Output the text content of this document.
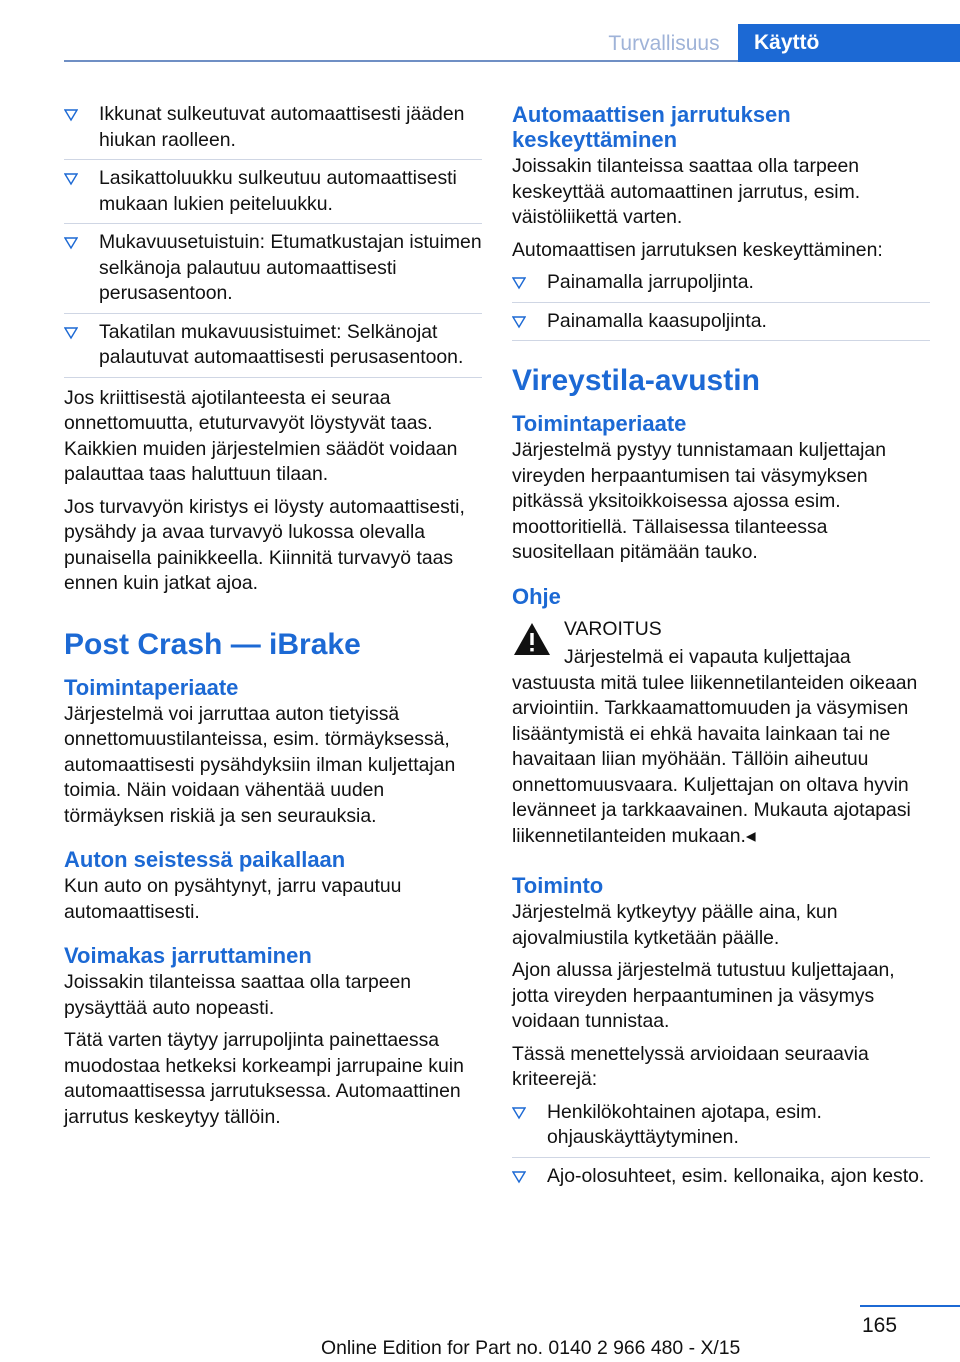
Turvallisuus	Käyttö
Ikkunat sulkeutuvat automaattisesti jääden hiukan raolleen.
Lasikattoluukku sulkeutuu automaattisesti mukaan lukien peiteluukku.
Mukavuusetuistuin: Etumatkustajan istuimen selkänoja palautuu automaattisesti perusasentoon.
Takatilan mukavuusistuimet: Selkänojat palautuvat automaattisesti perusasentoon.

Jos kriittisestä ajotilanteesta ei seuraa onnettomuutta, etuturvavyöt löystyvät taas. Kaikkien muiden järjestelmien säädöt voidaan palauttaa taas haluttuun tilaan.

Jos turvavyön kiristys ei löysty automaattisesti, pysähdy ja avaa turvavyö lukossa olevalla punaisella painikkeella. Kiinnitä turvavyö taas ennen kuin jatkat ajoa.

Post Crash — iBrake
Toimintaperiaate

Järjestelmä voi jarruttaa auton tietyissä onnettomuustilanteissa, esim. törmäyksessä, automaattisesti pysähdyksiin ilman kuljettajan toimia. Näin voidaan vähentää uuden törmäyksen riskiä ja sen seurauksia.

Auton seistessä paikallaan

Kun auto on pysähtynyt, jarru vapautuu automaattisesti.

Voimakas jarruttaminen

Joissakin tilanteissa saattaa olla tarpeen pysäyttää auto nopeasti.

Tätä varten täytyy jarrupoljinta painettaessa muodostaa hetkeksi korkeampi jarrupaine kuin automaattisessa jarrutuksessa. Automaattinen jarrutus keskeytyy tällöin.

Automaattisen jarrutuksen keskeyttäminen

Joissakin tilanteissa saattaa olla tarpeen keskeyttää automaattinen jarrutus, esim. väistöliikettä varten.

Automaattisen jarrutuksen keskeyttäminen:

Painamalla jarrupoljinta.
Painamalla kaasupoljinta.
Vireystila-avustin
Toimintaperiaate

Järjestelmä pystyy tunnistamaan kuljettajan vireyden herpaantumisen tai väsymyksen pitkässä yksitoikkoisessa ajossa esim. moottoritiellä. Tällaisessa tilanteessa suositellaan pitämään tauko.

Ohje
VAROITUS
Järjestelmä ei vapauta kuljettajaa vastuusta mitä tulee liikennetilanteiden oikeaan arviointiin. Tarkkaamattomuuden ja väsymisen lisääntymistä ei ehkä havaita lainkaan tai ne havaitaan liian myöhään. Tällöin aiheutuu onnettomuusvaara. Kuljettajan on oltava hyvin levänneet ja tarkkaavainen. Mukauta ajotapasi liikennetilanteiden mukaan.◂
Toiminto

Järjestelmä kytkeytyy päälle aina, kun ajovalmiustila kytketään päälle.

Ajon alussa järjestelmä tutustuu kuljettajaan, jotta vireyden herpaantuminen ja väsymys voidaan tunnistaa.

Tässä menettelyssä arvioidaan seuraavia kriteerejä:

Henkilökohtainen ajotapa, esim. ohjauskäyttäytyminen.
Ajo-olosuhteet, esim. kellonaika, ajon kesto.
165
Online Edition for Part no. 0140 2 966 480 - X/15
